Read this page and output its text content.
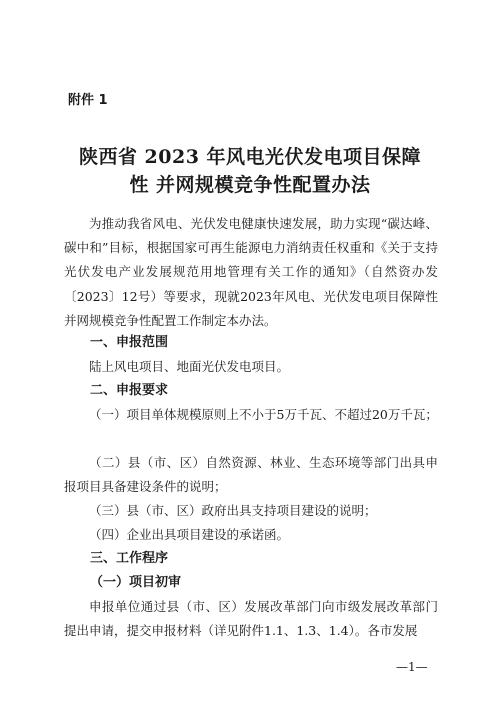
附件 1
陕西省 2023 年风电光伏发电项目保障
性 并网规模竞争性配置办法
为推动我省风电、光伏发电健康快速发展，助力实现“碳达峰、碳中和”目标，根据国家可再生能源电力消纳责任权重和《关于支持光伏发电产业发展规范用地管理有关工作的通知》（自然资办发〔2023〕12号）等要求，现就2023年风电、光伏发电项目保障性并网规模竞争性配置工作制定本办法。
一、申报范围
陆上风电项目、地面光伏发电项目。
二、申报要求
（一）项目单体规模原则上不小于5万千瓦、不超过20万千瓦；
（二）县（市、区）自然资源、林业、生态环境等部门出具申报项目具备建设条件的说明；
（三）县（市、区）政府出具支持项目建设的说明；
（四）企业出具项目建设的承诺函。
三、工作程序
（一）项目初审
申报单位通过县（市、区）发展改革部门向市级发展改革部门提出申请，提交申报材料（详见附件1.1、1.3、1.4）。各市发展
—1—
